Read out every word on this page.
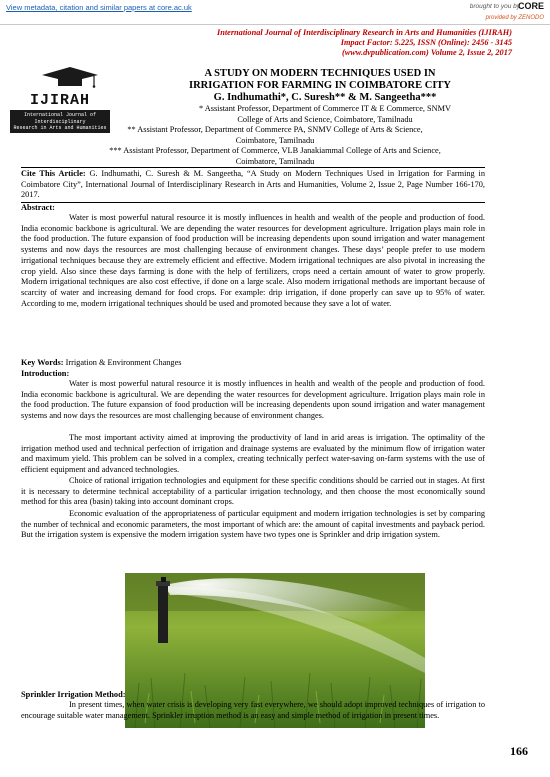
View metadata, citation and similar papers at core.ac.uk	brought to you by
CORE
provided by ZENODO
International Journal of Interdisciplinary Research in Arts and Humanities (IJIRAH)
Impact Factor: 5.225, ISSN (Online): 2456 - 3145
(www.dvpublication.com) Volume 2, Issue 2, 2017
IJIRAH
International Journal of
Interdisciplinary
Research in Arts and Humanities
A STUDY ON MODERN TECHNIQUES USED IN
IRRIGATION FOR FARMING IN COIMBATORE CITY
G. Indhumathi*, C. Suresh** & M. Sangeetha***
* Assistant Professor, Department of Commerce IT & E Commerce, SNMV
College of Arts and Science, Coimbatore, Tamilnadu
** Assistant Professor, Department of Commerce PA, SNMV College of Arts & Science,
Coimbatore, Tamilnadu
*** Assistant Professor, Department of Commerce, VLB Janakiammal College of Arts and Science,
Coimbatore, Tamilnadu
Cite This Article: G. Indhumathi, C. Suresh & M. Sangeetha, “A Study on Modern Techniques Used in Irrigation for Farming in Coimbatore City”, International Journal of Interdisciplinary Research in Arts and Humanities, Volume 2, Issue 2, Page Number 166-170, 2017.
Abstract:
Water is most powerful natural resource it is mostly influences in health and wealth of the people and production of food. India economic backbone is agricultural. We are depending the water resources for development agriculture. Irrigation plays main role in the food production. The future expansion of food production will be increasing dependents upon sound irrigation and water management systems and now days the resources are most challenging because of environment changes. These days’ people prefer to use modern irrigational techniques because they are extremely efficient and effective. Modern irrigational techniques are also pivotal in increasing the crop yield. Also since these days farming is done with the help of fertilizers, crops need a certain amount of water to grow properly. Modern irrigational techniques are also cost effective, if done on a large scale. Also modern irrigational methods are important because of scarcity of water and increasing demand for food crops. For example: drip irrigation, if done properly can save up to 95% of water. According to me, modern irrigational techniques should be used and promoted because they save a lot of water.
Key Words: Irrigation & Environment Changes
Introduction:
Water is most powerful natural resource it is mostly influences in health and wealth of the people and production of food. India economic backbone is agricultural. We are depending the water resources for development agriculture. Irrigation plays main role in the food production. The future expansion of food production will be increasing dependents upon sound irrigation and water management systems and now days the resources are most challenging because of environment changes.
The most important activity aimed at improving the productivity of land in arid areas is irrigation. The optimality of the irrigation method used and technical perfection of irrigation and drainage systems are evaluated by the minimum flow of irrigation water and maximum yield. This problem can be solved in a complex, creating technically perfect water-saving on-farm systems with the use of efficient equipment and advanced technologies.
Choice of rational irrigation technologies and equipment for these specific conditions should be carried out in stages. At first it is necessary to determine technical acceptability of a particular irrigation technology, and then choose the most economically sound method for this area (basin) taking into account dominant crops.
Economic evaluation of the appropriateness of particular equipment and modern irrigation technologies is set by comparing the number of technical and economic parameters, the most important of which are: the amount of capital investments and payback period. But the irrigation system is expensive the modern irrigation system have two types one is Sprinkler and drip irrigation system.
Sprinkler Irrigation Method:
In present times, when water crisis is developing very fast everywhere, we should adopt improved techniques of irrigation to encourage suitable water management. Sprinkler irruption method is an easy and simple method of irrigation in present times.
166
